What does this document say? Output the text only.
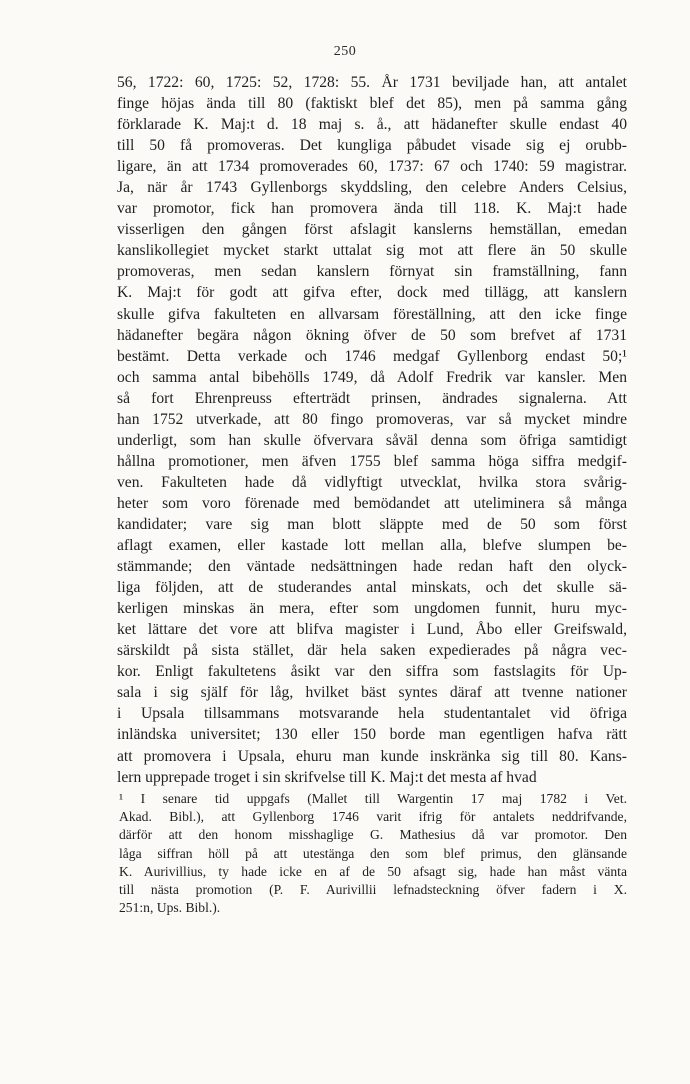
250
56, 1722: 60, 1725: 52, 1728: 55. År 1731 beviljade han, att antalet
finge höjas ända till 80 (faktiskt blef det 85), men på samma gång
förklarade K. Maj:t d. 18 maj s. å., att hädanefter skulle endast 40
till 50 få promoveras. Det kungliga påbudet visade sig ej orubb-
ligare, än att 1734 promoverades 60, 1737: 67 och 1740: 59 magistrar.
Ja, när år 1743 Gyllenborgs skyddsling, den celebre Anders Celsius,
var promotor, fick han promovera ända till 118. K. Maj:t hade
visserligen den gången först afslagit kanslerns hemställan, emedan
kanslikollegiet mycket starkt uttalat sig mot att flere än 50 skulle
promoveras, men sedan kanslern förnyat sin framställning, fann
K. Maj:t för godt att gifva efter, dock med tillägg, att kanslern
skulle gifva fakulteten en allvarsam föreställning, att den icke finge
hädanefter begära någon ökning öfver de 50 som brefvet af 1731
bestämt. Detta verkade och 1746 medgaf Gyllenborg endast 50;¹
och samma antal bibehölls 1749, då Adolf Fredrik var kansler. Men
så fort Ehrenpreuss efterträdt prinsen, ändrades signalerna. Att
han 1752 utverkade, att 80 fingo promoveras, var så mycket mindre
underligt, som han skulle öfvervara såväl denna som öfriga samtidigt
hållna promotioner, men äfven 1755 blef samma höga siffra medgif-
ven. Fakulteten hade då vidlyftigt utvecklat, hvilka stora svårig-
heter som voro förenade med bemödandet att uteliminera så många
kandidater; vare sig man blott släppte med de 50 som först
aflagt examen, eller kastade lott mellan alla, blefve slumpen be-
stämmande; den väntade nedsättningen hade redan haft den olyck-
liga följden, att de studerandes antal minskats, och det skulle sä-
kerligen minskas än mera, efter som ungdomen funnit, huru myc-
ket lättare det vore att blifva magister i Lund, Åbo eller Greifswald,
särskildt på sista stället, där hela saken expedierades på några vec-
kor. Enligt fakultetens åsikt var den siffra som fastslagits för Up-
sala i sig själf för låg, hvilket bäst syntes däraf att tvenne nationer
i Upsala tillsammans motsvarande hela studentantalet vid öfriga
inländska universitet; 130 eller 150 borde man egentligen hafva rätt
att promovera i Upsala, ehuru man kunde inskränka sig till 80. Kans-
lern upprepade troget i sin skrifvelse till K. Maj:t det mesta af hvad
¹ I senare tid uppgafs (Mallet till Wargentin 17 maj 1782 i Vet.
Akad. Bibl.), att Gyllenborg 1746 varit ifrig för antalets neddrifvande,
därför att den honom misshaglige G. Mathesius då var promotor. Den
låga siffran höll på att utestänga den som blef primus, den glänsande
K. Aurivillius, ty hade icke en af de 50 afsagt sig, hade han måst vänta
till nästa promotion (P. F. Aurivillii lefnadsteckning öfver fadern i X.
251:n, Ups. Bibl.).
